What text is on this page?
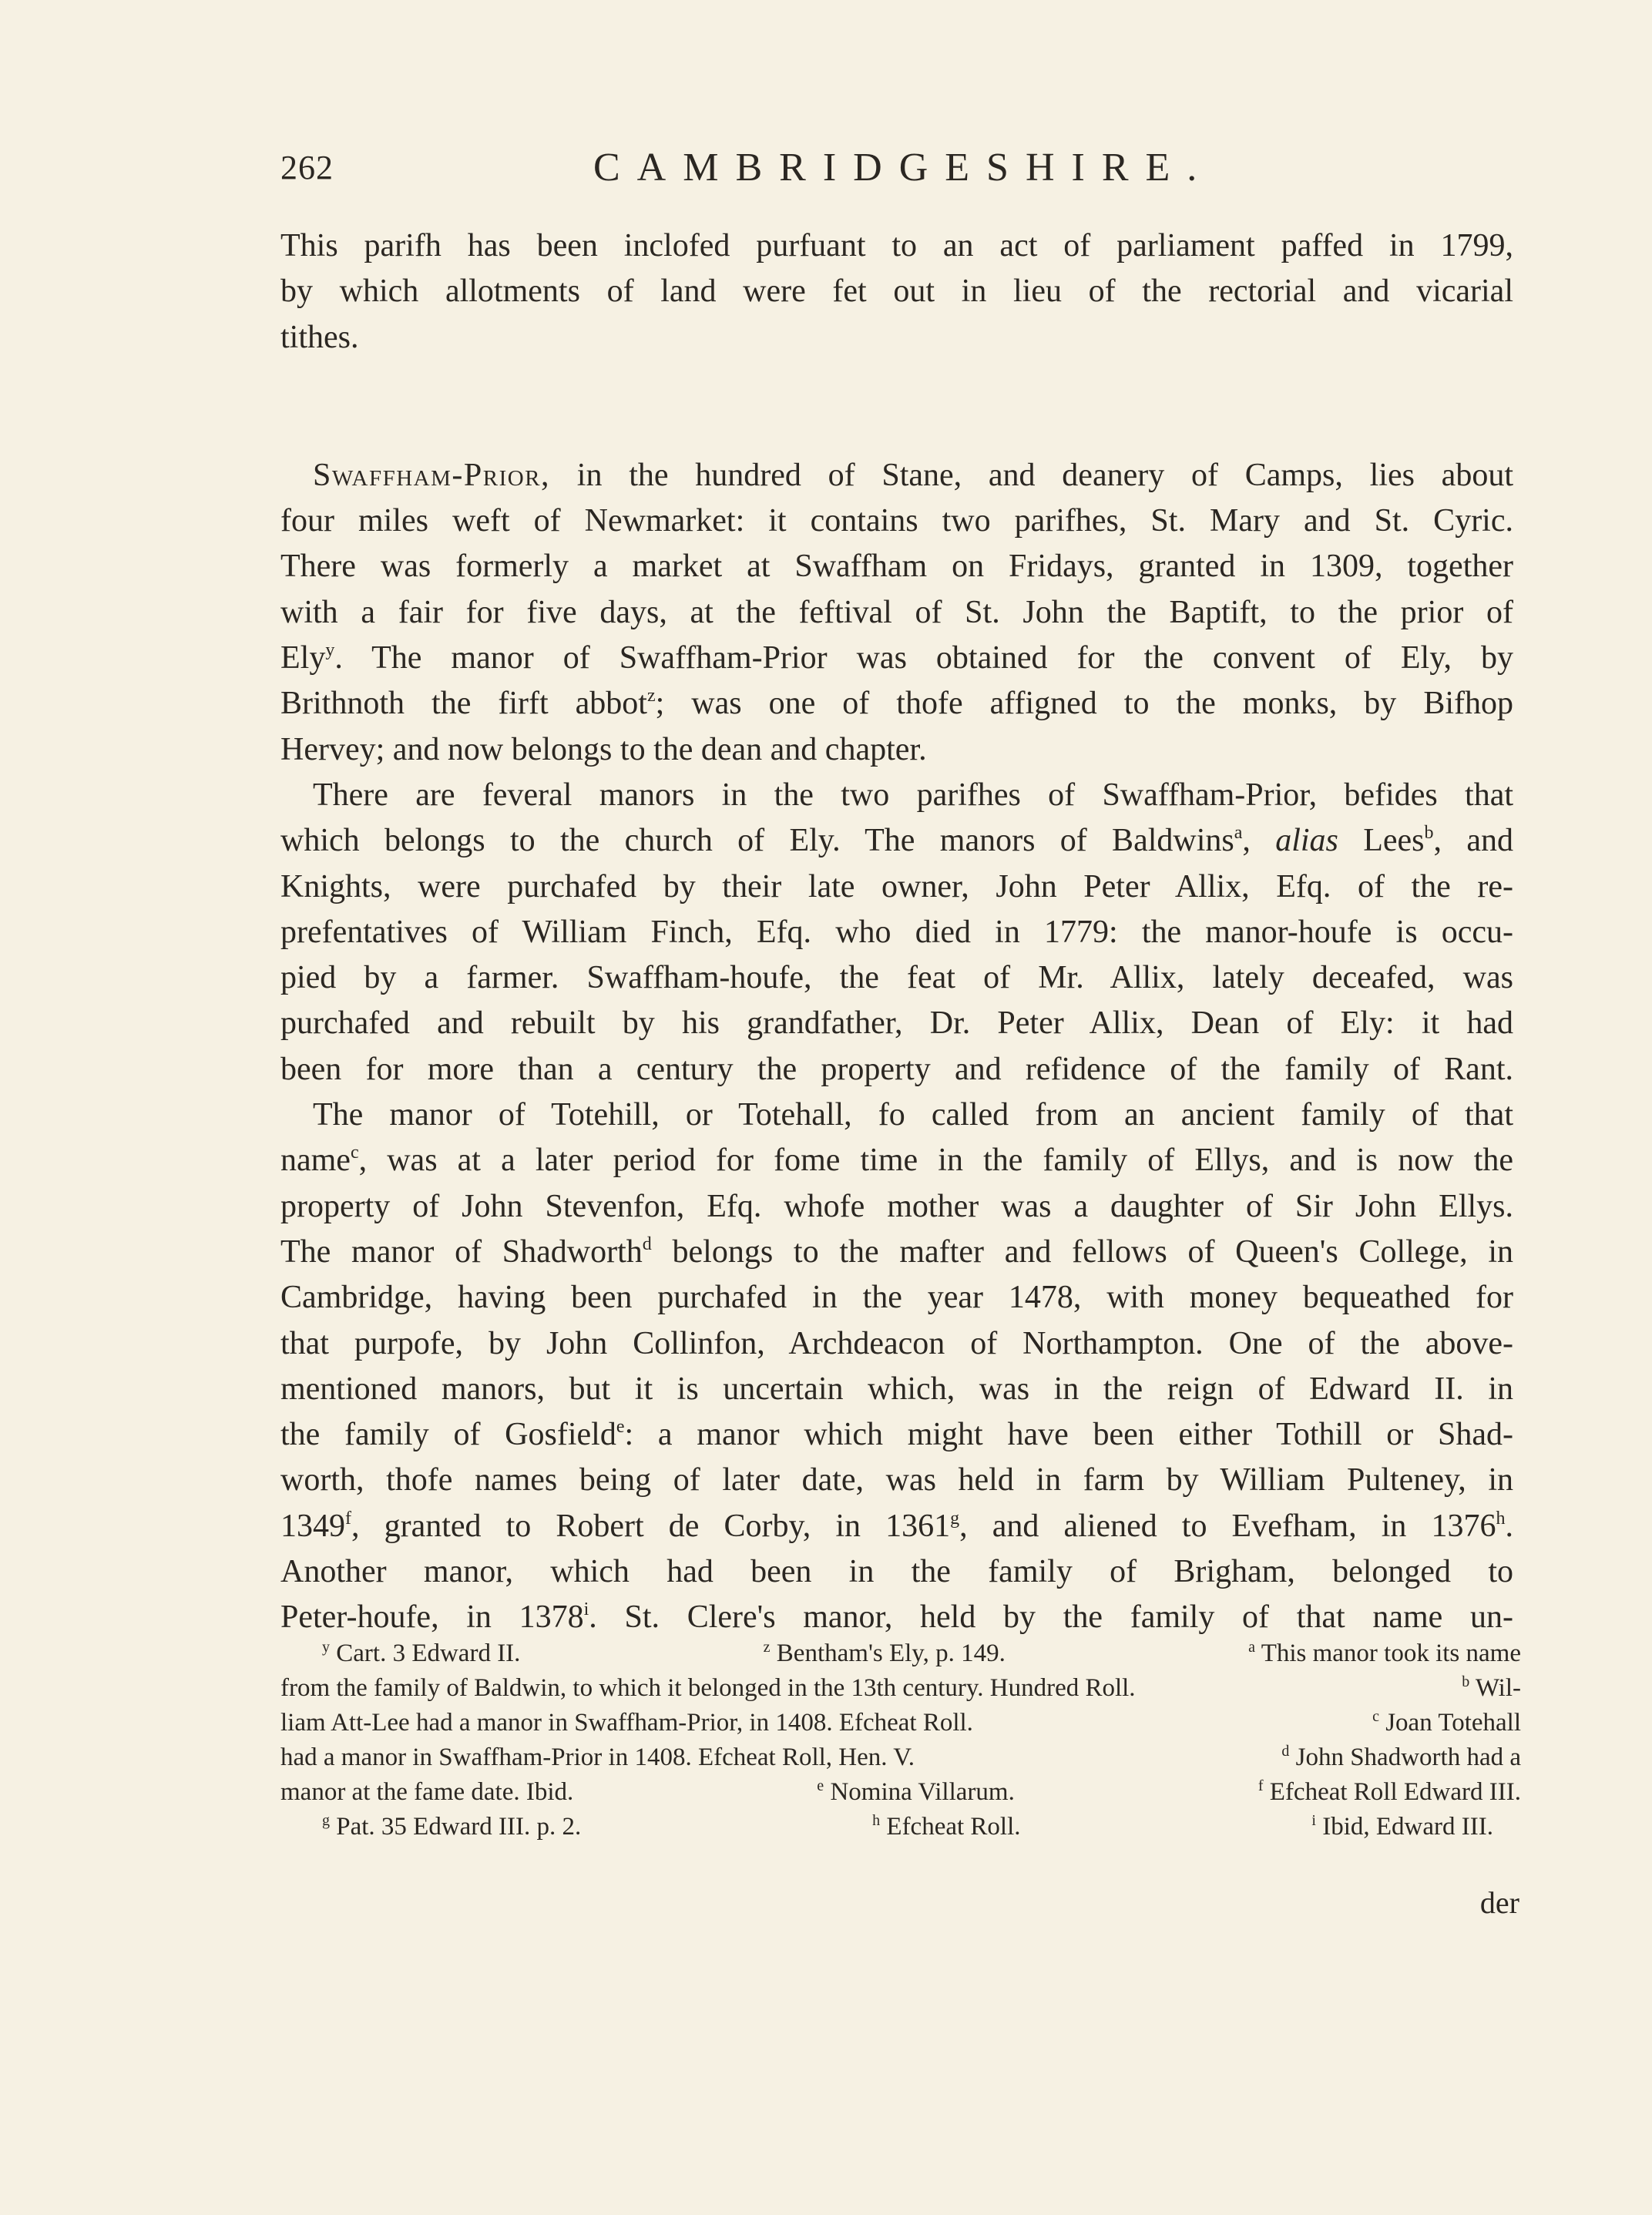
262	CAMBRIDGESHIRE.

This parifh has been inclofed purfuant to an act of parliament paffed in 1799,

by which allotments of land were fet out in lieu of the rectorial and vicarial

tithes.

 Swaffham-Prior, in the hundred of Stane, and deanery of Camps, lies about

four miles weft of Newmarket: it contains two parifhes, St. Mary and St. Cyric.

There was formerly a market at Swaffham on Fridays, granted in 1309, together

with a fair for five days, at the feftival of St. John the Baptift, to the prior of

Ely$^y$. The manor of Swaffham-Prior was obtained for the convent of Ely, by

Brithnoth the firft abbot$^z$; was one of thofe affigned to the monks, by Bifhop

Hervey; and now belongs to the dean and chapter.

 There are feveral manors in the two parifhes of Swaffham-Prior, befides that

which belongs to the church of Ely. The manors of Baldwins$^a$, alias Lees$^b$, and

Knights, were purchafed by their late owner, John Peter Allix, Efq. of the re-

prefentatives of William Finch, Efq. who died in 1779: the manor-houfe is occu-

pied by a farmer. Swaffham-houfe, the feat of Mr. Allix, lately deceafed, was

purchafed and rebuilt by his grandfather, Dr. Peter Allix, Dean of Ely: it had

been for more than a century the property and refidence of the family of Rant.

 The manor of Totehill, or Totehall, fo called from an ancient family of that

name$^c$, was at a later period for fome time in the family of Ellys, and is now the

property of John Stevenfon, Efq. whofe mother was a daughter of Sir John Ellys.

The manor of Shadworth$^d$ belongs to the mafter and fellows of Queen's College, in

Cambridge, having been purchafed in the year 1478, with money bequeathed for

that purpofe, by John Collinfon, Archdeacon of Northampton. One of the above-

mentioned manors, but it is uncertain which, was in the reign of Edward II. in

the family of Gosfield$^e$: a manor which might have been either Tothill or Shad-

worth, thofe names being of later date, was held in farm by William Pulteney, in

1349$^f$, granted to Robert de Corby, in 1361$^g$, and aliened to Evefham, in 1376$^h$.

Another manor, which had been in the family of Brigham, belonged to

Peter-houfe, in 1378$^i$. St. Clere's manor, held by the family of that name un-

$^y$ Cart. 3 Edward II.	$^z$ Bentham's Ely, p. 149.	$^a$ This manor took its name
from the family of Baldwin, to which it belonged in the 13th century. Hundred Roll.	$^b$ Wil-
liam Att-Lee had a manor in Swaffham-Prior, in 1408. Efcheat Roll.	$^c$ Joan Totehall
had a manor in Swaffham-Prior in 1408. Efcheat Roll, Hen. V.	$^d$ John Shadworth had a
manor at the fame date. Ibid.	$^e$ Nomina Villarum.	$^f$ Efcheat Roll Edward III.
$^g$ Pat. 35 Edward III. p. 2.	$^h$ Efcheat Roll.	$^i$ Ibid, Edward III.
der
